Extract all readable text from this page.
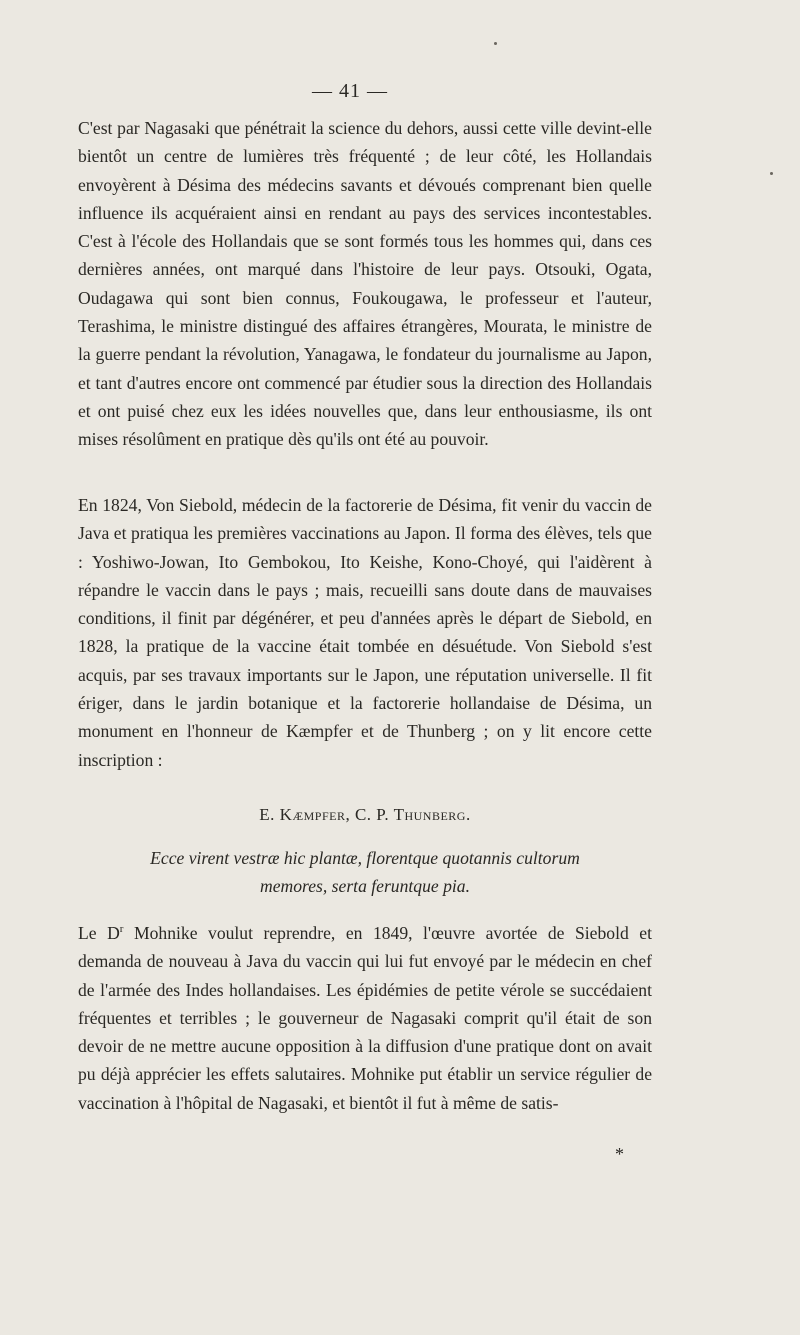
— 41 —

C'est par Nagasaki que pénétrait la science du dehors, aussi cette ville devint-elle bientôt un centre de lumières très fréquenté ; de leur côté, les Hollandais envoyèrent à Désima des médecins savants et dévoués comprenant bien quelle influence ils acquéraient ainsi en rendant au pays des services incontestables. C'est à l'école des Hollandais que se sont formés tous les hommes qui, dans ces dernières années, ont marqué dans l'histoire de leur pays. Otsouki, Ogata, Oudagawa qui sont bien connus, Foukougawa, le professeur et l'auteur, Terashima, le ministre distingué des affaires étrangères, Mourata, le ministre de la guerre pendant la révolution, Yanagawa, le fondateur du journalisme au Japon, et tant d'autres encore ont commencé par étudier sous la direction des Hollandais et ont puisé chez eux les idées nouvelles que, dans leur enthousiasme, ils ont mises résolûment en pratique dès qu'ils ont été au pouvoir.

En 1824, Von Siebold, médecin de la factorerie de Désima, fit venir du vaccin de Java et pratiqua les premières vaccinations au Japon. Il forma des élèves, tels que : Yoshiwo-Jowan, Ito Gembokou, Ito Keishe, Kono-Choyé, qui l'aidèrent à répandre le vaccin dans le pays ; mais, recueilli sans doute dans de mauvaises conditions, il finit par dégénérer, et peu d'années après le départ de Siebold, en 1828, la pratique de la vaccine était tombée en désuétude. Von Siebold s'est acquis, par ses travaux importants sur le Japon, une réputation universelle. Il fit ériger, dans le jardin botanique et la factorerie hollandaise de Désima, un monument en l'honneur de Kæmpfer et de Thunberg ; on y lit encore cette inscription :

E. Kæmpfer, C. P. Thunberg.
Ecce virent vestræ hic plantæ, florentque quotannis cultorum
memores, serta feruntque pia.

Le $D^r$ Mohnike voulut reprendre, en 1849, l'œuvre avortée de Siebold et demanda de nouveau à Java du vaccin qui lui fut envoyé par le médecin en chef de l'armée des Indes hollandaises. Les épidémies de petite vérole se succédaient fréquentes et terribles ; le gouverneur de Nagasaki comprit qu'il était de son devoir de ne mettre aucune opposition à la diffusion d'une pratique dont on avait pu déjà apprécier les effets salutaires. Mohnike put établir un service régulier de vaccination à l'hôpital de Nagasaki, et bientôt il fut à même de satis-

*
